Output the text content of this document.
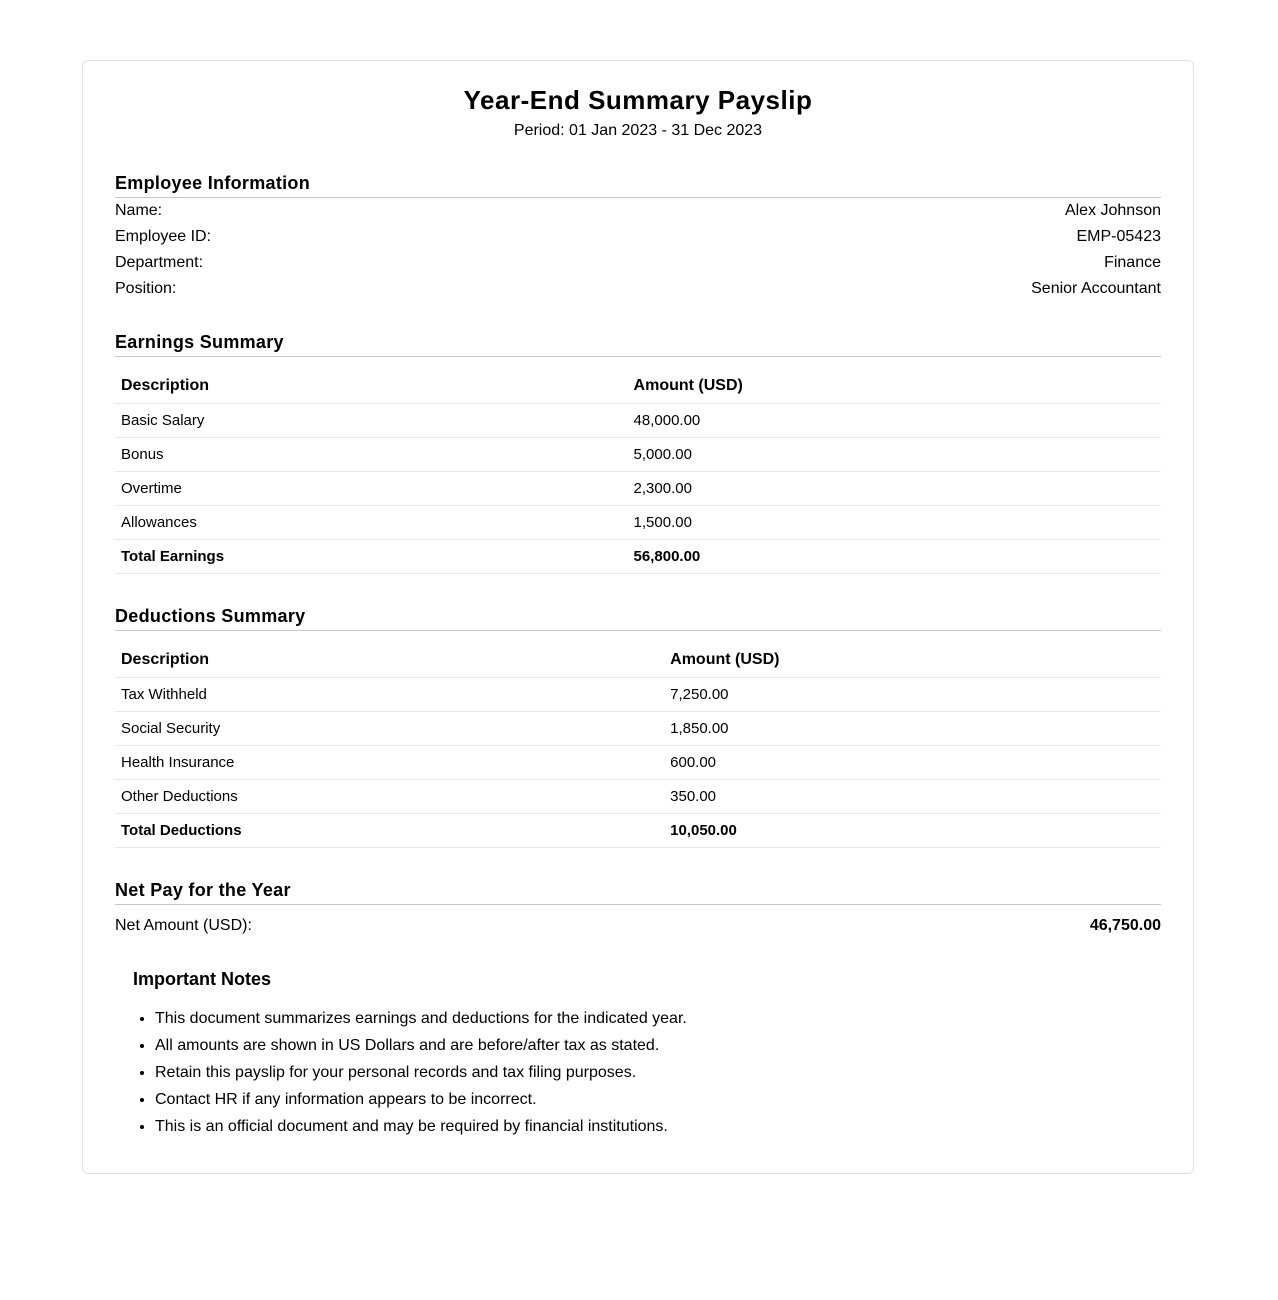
Year-End Summary Payslip
Period: 01 Jan 2023 - 31 Dec 2023
Employee Information
Name:	Alex Johnson
Employee ID:	EMP-05423
Department:	Finance
Position:	Senior Accountant
Earnings Summary
Description	Amount (USD)
Basic Salary	48,000.00
Bonus	5,000.00
Overtime	2,300.00
Allowances	1,500.00
Total Earnings	56,800.00
Deductions Summary
Description	Amount (USD)
Tax Withheld	7,250.00
Social Security	1,850.00
Health Insurance	600.00
Other Deductions	350.00
Total Deductions	10,050.00
Net Pay for the Year
Net Amount (USD):	46,750.00
Important Notes
• This document summarizes earnings and deductions for the indicated year.
• All amounts are shown in US Dollars and are before/after tax as stated.
• Retain this payslip for your personal records and tax filing purposes.
• Contact HR if any information appears to be incorrect.
• This is an official document and may be required by financial institutions.
